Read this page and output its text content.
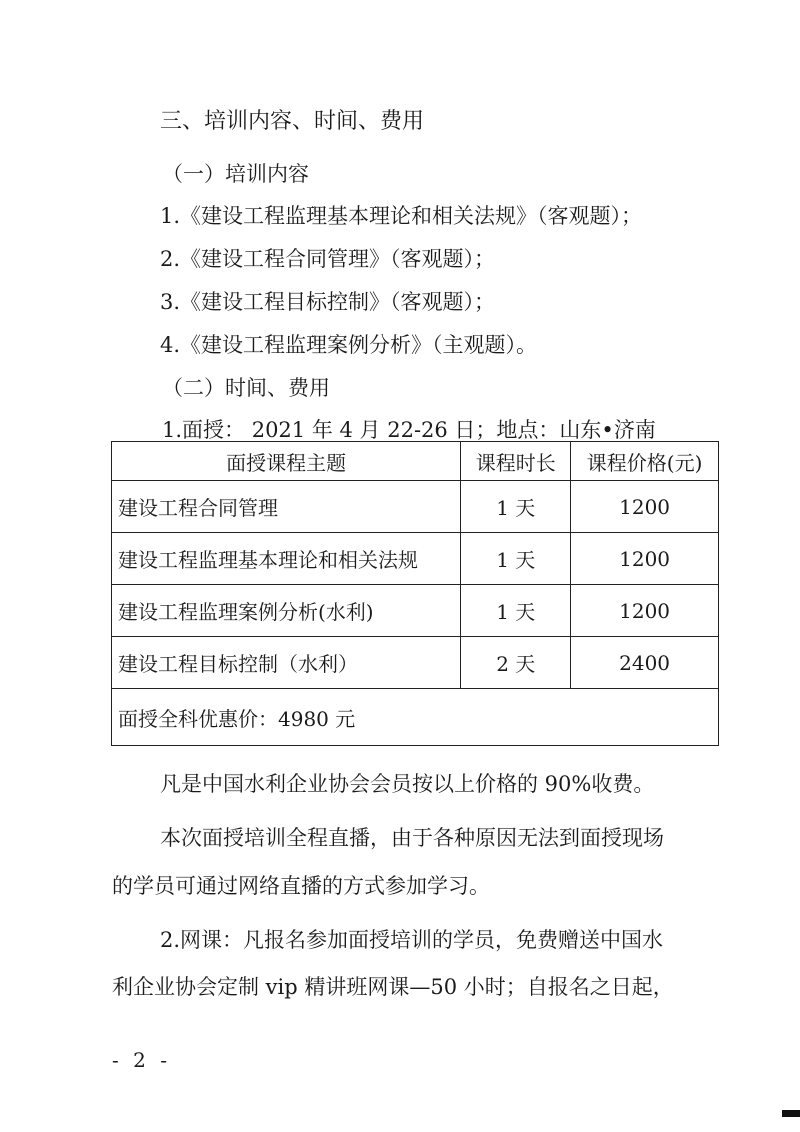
三、培训内容、时间、费用
（一）培训内容
1.《建设工程监理基本理论和相关法规》（客观题）；
2.《建设工程合同管理》（客观题）；
3.《建设工程目标控制》（客观题）；
4.《建设工程监理案例分析》（主观题）。
（二）时间、费用
1.面授： 2021 年 4 月 22-26 日；地点：山东•济南
面授课程主题	课程时长	课程价格(元)
建设工程合同管理	1 天	1200
建设工程监理基本理论和相关法规	1 天	1200
建设工程监理案例分析(水利)	1 天	1200
建设工程目标控制（水利）	2 天	2400
面授全科优惠价：4980 元		
凡是中国水利企业协会会员按以上价格的 90%收费。
本次面授培训全程直播，由于各种原因无法到面授现场
的学员可通过网络直播的方式参加学习。
2.网课：凡报名参加面授培训的学员，免费赠送中国水
利企业协会定制 vip 精讲班网课—50 小时；自报名之日起，
- 2 -
